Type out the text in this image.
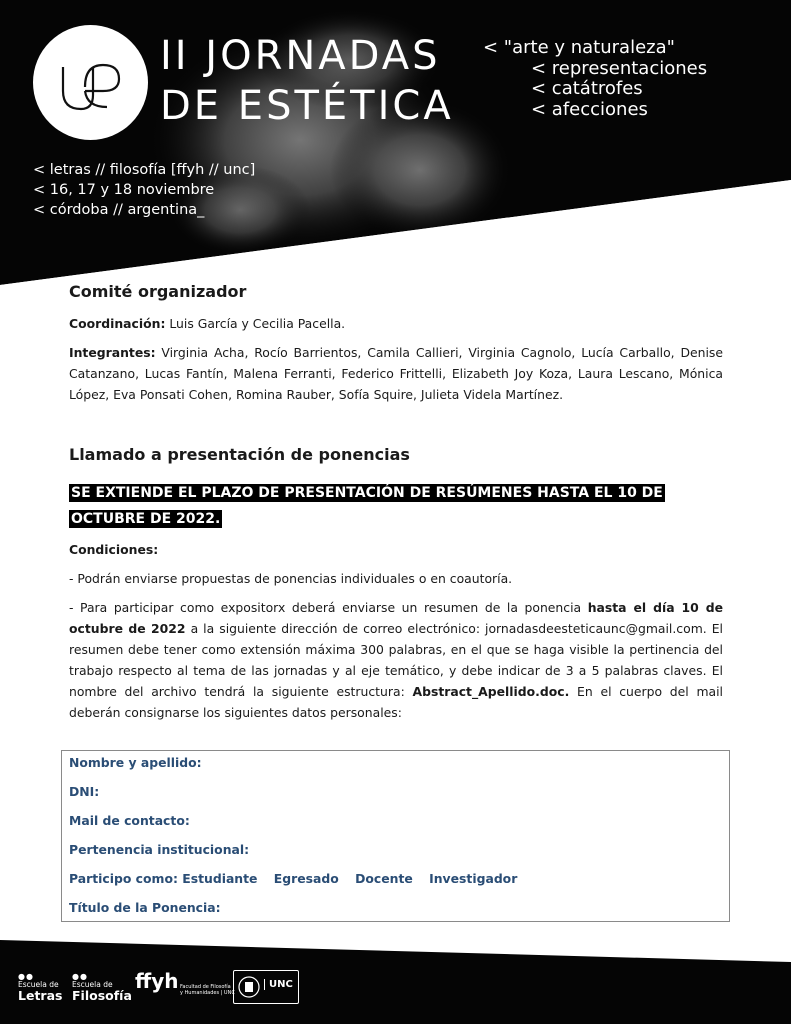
II JORNADAS
DE ESTÉTICA
< "arte y naturaleza"
< representaciones
< catátrofes
< afecciones
< letras // filosofía [ffyh // unc]
< 16, 17 y 18 noviembre
< córdoba // argentina_
Comité organizador

Coordinación: Luis García y Cecilia Pacella.

Integrantes: Virginia Acha, Rocío Barrientos, Camila Callieri, Virginia Cagnolo, Lucía Carballo, Denise Catanzano, Lucas Fantín, Malena Ferranti, Federico Frittelli, Elizabeth Joy Koza, Laura Lescano, Mónica López, Eva Ponsati Cohen, Romina Rauber, Sofía Squire, Julieta Videla Martínez.

Llamado a presentación de ponencias
SE EXTIENDE EL PLAZO DE PRESENTACIÓN DE RESÚMENES HASTA EL 10 DE OCTUBRE DE 2022.

Condiciones:

- Podrán enviarse propuestas de ponencias individuales o en coautoría.

- Para participar como expositorx deberá enviarse un resumen de la ponencia hasta el día 10 de octubre de 2022 a la siguiente dirección de correo electrónico: jornadasdeesteticaunc@gmail.com. El resumen debe tener como extensión máxima 300 palabras, en el que se haga visible la pertinencia del trabajo respecto al tema de las jornadas y al eje temático, y debe indicar de 3 a 5 palabras claves. El nombre del archivo tendrá la siguiente estructura: Abstract_Apellido.doc. En el cuerpo del mail deberán consignarse los siguientes datos personales:

Nombre y apellido:
DNI:
Mail de contacto:
Pertenencia institucional:
Participo como: Estudiante Egresado Docente Investigador
Título de la Ponencia:
●●
Escuela de
Letras
●●
Escuela de
Filosofía
ffyh Facultad de Filosofía
y Humanidades | UNC
UNC
